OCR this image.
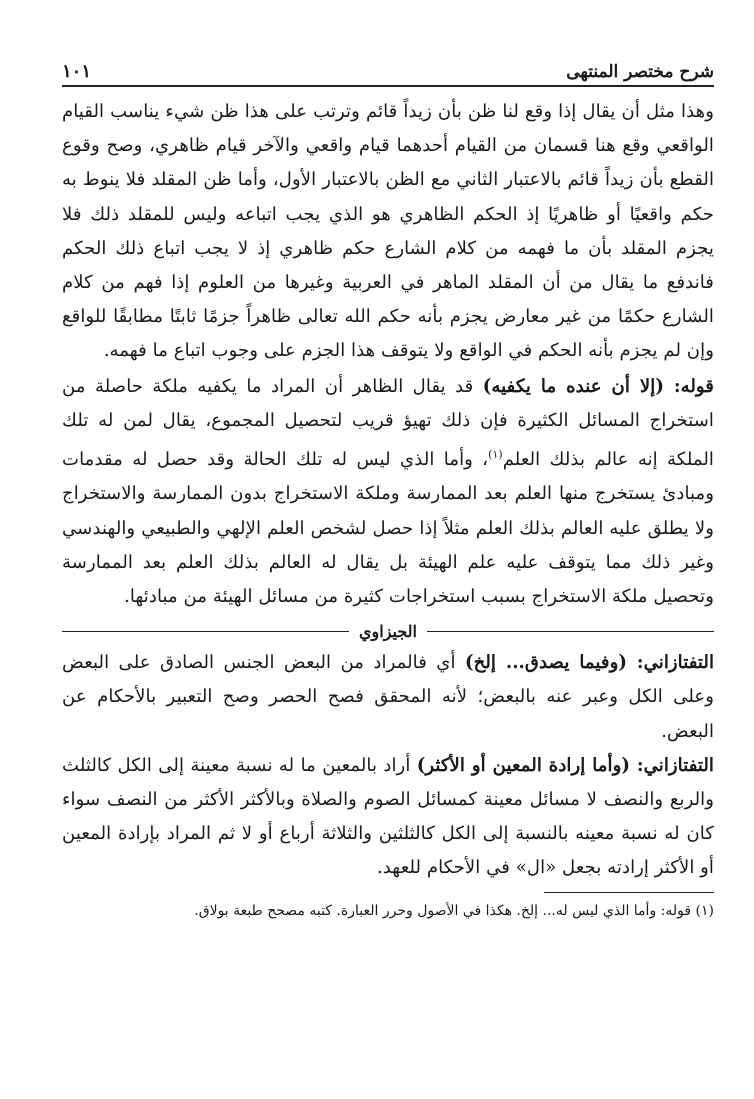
شرح مختصر المنتهى
١٠١

وهذا مثل أن يقال إذا وقع لنا ظن بأن زيداً قائم وترتب على هذا ظن شيء يناسب القيام الواقعي وقع هنا قسمان من القيام أحدهما قيام واقعي والآخر قيام ظاهري، وصح وقوع القطع بأن زيداً قائم بالاعتبار الثاني مع الظن بالاعتبار الأول، وأما ظن المقلد فلا ينوط به حكم واقعيًا أو ظاهريًا إذ الحكم الظاهري هو الذي يجب اتباعه وليس للمقلد ذلك فلا يجزم المقلد بأن ما فهمه من كلام الشارع حكم ظاهري إذ لا يجب اتباع ذلك الحكم فاندفع ما يقال من أن المقلد الماهر في العربية وغيرها من العلوم إذا فهم من كلام الشارع حكمًا من غير معارض يجزم بأنه حكم الله تعالى ظاهراً جزمًا ثابتًا مطابقًا للواقع وإن لم يجزم بأنه الحكم في الواقع ولا يتوقف هذا الجزم على وجوب اتباع ما فهمه.

قوله: (إلا أن عنده ما يكفيه) قد يقال الظاهر أن المراد ما يكفيه ملكة حاصلة من استخراج المسائل الكثيرة فإن ذلك تهيؤ قريب لتحصيل المجموع، يقال لمن له تلك الملكة إنه عالم بذلك العلم$^{(١)}$، وأما الذي ليس له تلك الحالة وقد حصل له مقدمات ومبادئ يستخرج منها العلم بعد الممارسة وملكة الاستخراج بدون الممارسة والاستخراج ولا يطلق عليه العالم بذلك العلم مثلاً إذا حصل لشخص العلم الإلهي والطبيعي والهندسي وغير ذلك مما يتوقف عليه علم الهيئة بل يقال له العالم بذلك العلم بعد الممارسة وتحصيل ملكة الاستخراج بسبب استخراجات كثيرة من مسائل الهيئة من مبادئها.

الجيزاوي

التفتازاني: (وفيما يصدق... إلخ) أي فالمراد من البعض الجنس الصادق على البعض وعلى الكل وعبر عنه بالبعض؛ لأنه المحقق فصح الحصر وصح التعبير بالأحكام عن البعض.

التفتازاني: (وأما إرادة المعين أو الأكثر) أراد بالمعين ما له نسبة معينة إلى الكل كالثلث والربع والنصف لا مسائل معينة كمسائل الصوم والصلاة وبالأكثر الأكثر من النصف سواء كان له نسبة معينه بالنسبة إلى الكل كالثلثين والثلاثة أرباع أو لا ثم المراد بإرادة المعين أو الأكثر إرادته بجعل «ال» في الأحكام للعهد.

(١) قوله: وأما الذي ليس له... إلخ. هكذا في الأصول وحرر العبارة. كتبه مصحح طبعة بولاق.
